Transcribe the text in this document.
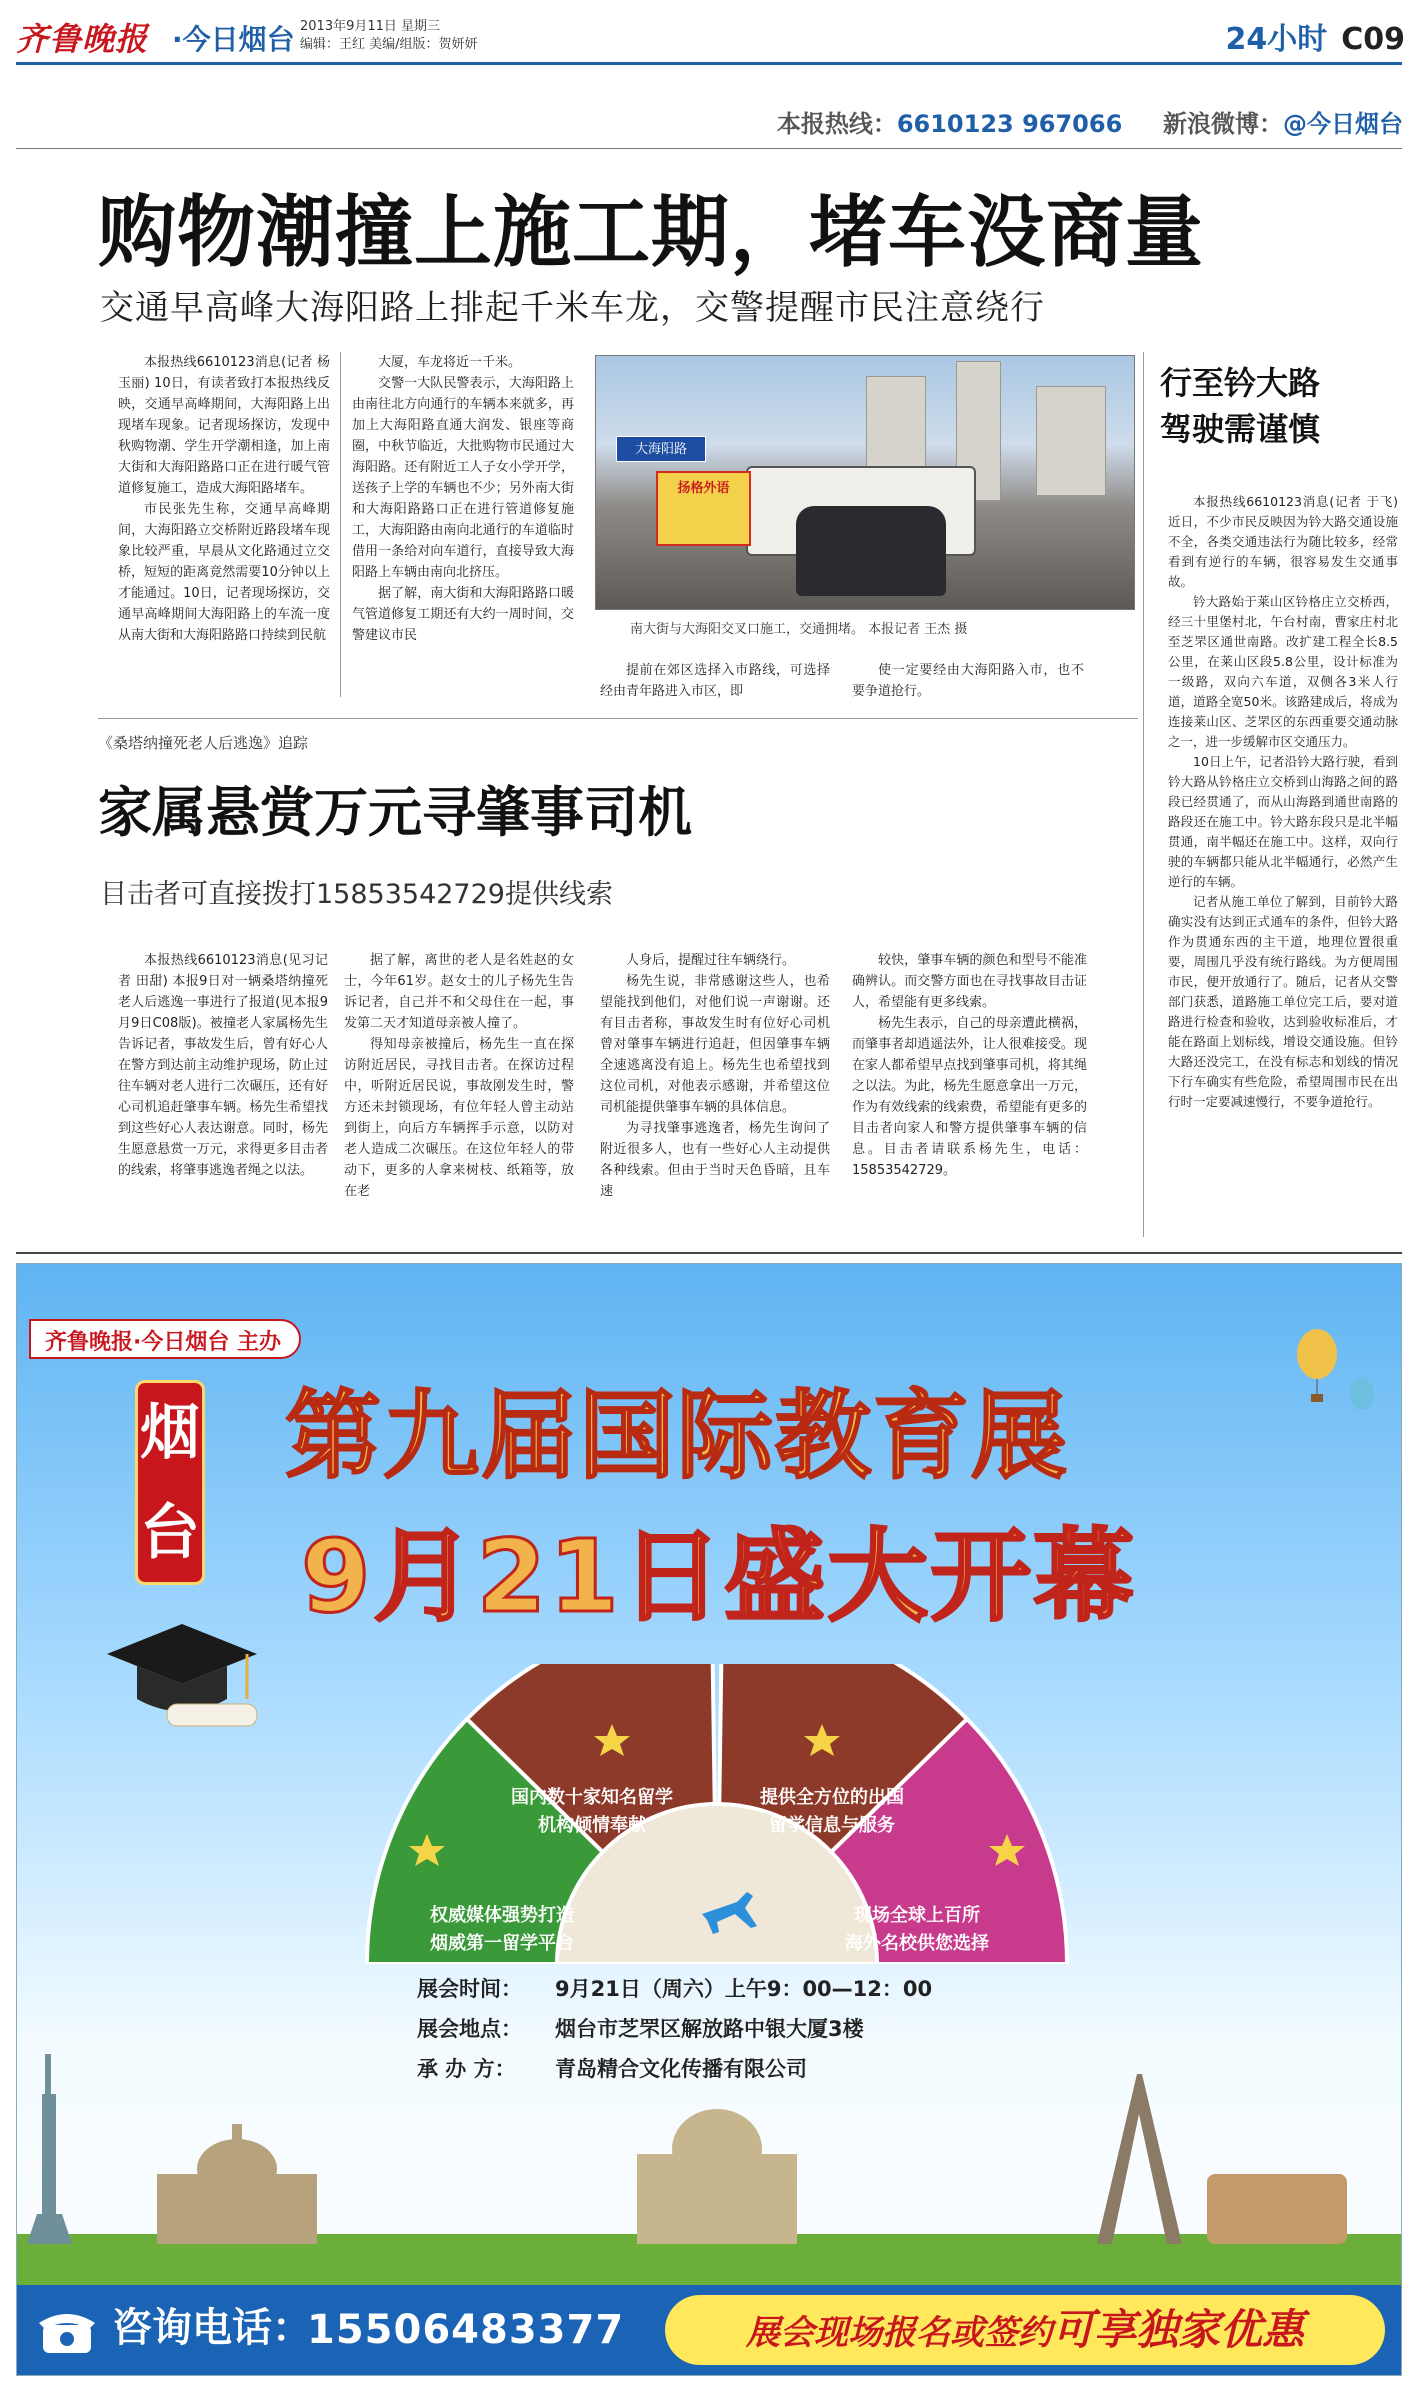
齐鲁晚报 ·今日烟台 2013年9月11日 星期三
编辑：王红 美编/组版：贺妍妍	24小时 C09
本报热线：6610123 967066 新浪微博：@今日烟台
购物潮撞上施工期，堵车没商量
交通早高峰大海阳路上排起千米车龙，交警提醒市民注意绕行

本报热线6610123消息(记者 杨玉丽) 10日，有读者致打本报热线反映，交通早高峰期间，大海阳路上出现堵车现象。记者现场探访，发现中秋购物潮、学生开学潮相逢，加上南大街和大海阳路路口正在进行暖气管道修复施工，造成大海阳路堵车。

市民张先生称，交通早高峰期间，大海阳路立交桥附近路段堵车现象比较严重，早晨从文化路通过立交桥，短短的距离竟然需要10分钟以上才能通过。10日，记者现场探访，交通早高峰期间大海阳路上的车流一度从南大街和大海阳路路口持续到民航

大厦，车龙将近一千米。

交警一大队民警表示，大海阳路上由南往北方向通行的车辆本来就多，再加上大海阳路直通大润发、银座等商圈，中秋节临近，大批购物市民通过大海阳路。还有附近工人子女小学开学，送孩子上学的车辆也不少；另外南大街和大海阳路路口正在进行管道修复施工，大海阳路由南向北通行的车道临时借用一条给对向车道行，直接导致大海阳路上车辆由南向北挤压。

据了解，南大街和大海阳路路口暖气管道修复工期还有大约一周时间，交警建议市民

大海阳路
扬格外语
南大街与大海阳交叉口施工，交通拥堵。 本报记者 王杰 摄

提前在郊区选择入市路线，可选择经由青年路进入市区，即

使一定要经由大海阳路入市，也不要争道抢行。

行至钤大路
驾驶需谨慎

本报热线6610123消息(记者 于飞) 近日，不少市民反映因为钤大路交通设施不全，各类交通违法行为随比较多，经常看到有逆行的车辆，很容易发生交通事故。

钤大路始于莱山区钤格庄立交桥西，经三十里堡村北，午台村南，曹家庄村北至芝罘区通世南路。改扩建工程全长8.5公里，在莱山区段5.8公里，设计标准为一级路，双向六车道，双侧各3米人行道，道路全宽50米。该路建成后，将成为连接莱山区、芝罘区的东西重要交通动脉之一，进一步缓解市区交通压力。

10日上午，记者沿钤大路行驶，看到钤大路从钤格庄立交桥到山海路之间的路段已经贯通了，而从山海路到通世南路的路段还在施工中。钤大路东段只是北半幅贯通，南半幅还在施工中。这样，双向行驶的车辆都只能从北半幅通行，必然产生逆行的车辆。

记者从施工单位了解到，目前钤大路确实没有达到正式通车的条件，但钤大路作为贯通东西的主干道，地理位置很重要，周围几乎没有统行路线。为方便周围市民，便开放通行了。随后，记者从交警部门获悉，道路施工单位完工后，要对道路进行检查和验收，达到验收标准后，才能在路面上划标线，增设交通设施。但钤大路还没完工，在没有标志和划线的情况下行车确实有些危险，希望周围市民在出行时一定要减速慢行，不要争道抢行。

《桑塔纳撞死老人后逃逸》追踪
家属悬赏万元寻肇事司机
目击者可直接拨打15853542729提供线索

本报热线6610123消息(见习记者 田甜) 本报9日对一辆桑塔纳撞死老人后逃逸一事进行了报道(见本报9月9日C08版)。被撞老人家属杨先生告诉记者，事故发生后，曾有好心人在警方到达前主动维护现场，防止过往车辆对老人进行二次碾压，还有好心司机追赶肇事车辆。杨先生希望找到这些好心人表达谢意。同时，杨先生愿意悬赏一万元，求得更多目击者的线索，将肇事逃逸者绳之以法。

据了解，离世的老人是名姓赵的女士，今年61岁。赵女士的儿子杨先生告诉记者，自己并不和父母住在一起，事发第二天才知道母亲被人撞了。

得知母亲被撞后，杨先生一直在探访附近居民，寻找目击者。在探访过程中，听附近居民说，事故刚发生时，警方还未封锁现场，有位年轻人曾主动站到街上，向后方车辆挥手示意，以防对老人造成二次碾压。在这位年轻人的带动下，更多的人拿来树枝、纸箱等，放在老

人身后，提醒过往车辆绕行。

杨先生说，非常感谢这些人，也希望能找到他们，对他们说一声谢谢。还有目击者称，事故发生时有位好心司机曾对肇事车辆进行追赶，但因肇事车辆全速逃离没有追上。杨先生也希望找到这位司机，对他表示感谢，并希望这位司机能提供肇事车辆的具体信息。

为寻找肇事逃逸者，杨先生询问了附近很多人，也有一些好心人主动提供各种线索。但由于当时天色昏暗，且车速

较快，肇事车辆的颜色和型号不能准确辨认。而交警方面也在寻找事故目击证人，希望能有更多线索。

杨先生表示，自己的母亲遭此横祸，而肇事者却逍遥法外，让人很难接受。现在家人都希望早点找到肇事司机，将其绳之以法。为此，杨先生愿意拿出一万元，作为有效线索的线索费，希望能有更多的目击者向家人和警方提供肇事车辆的信息。目击者请联系杨先生，电话：15853542729。

齐鲁晚报·今日烟台 主办
烟台
第九届国际教育展
9月21日盛大开幕
权威媒体强势打造
烟威第一留学平台
国内数十家知名留学
机构倾情奉献
提供全方位的出国
留学信息与服务
现场全球上百所
海外名校供您选择
展会时间： 9月21日（周六）上午9：00—12：00
展会地点： 烟台市芝罘区解放路中银大厦3楼
承 办 方： 青岛精合文化传播有限公司
咨询电话：
15506483377	展会现场报名或签约可享独家优惠
